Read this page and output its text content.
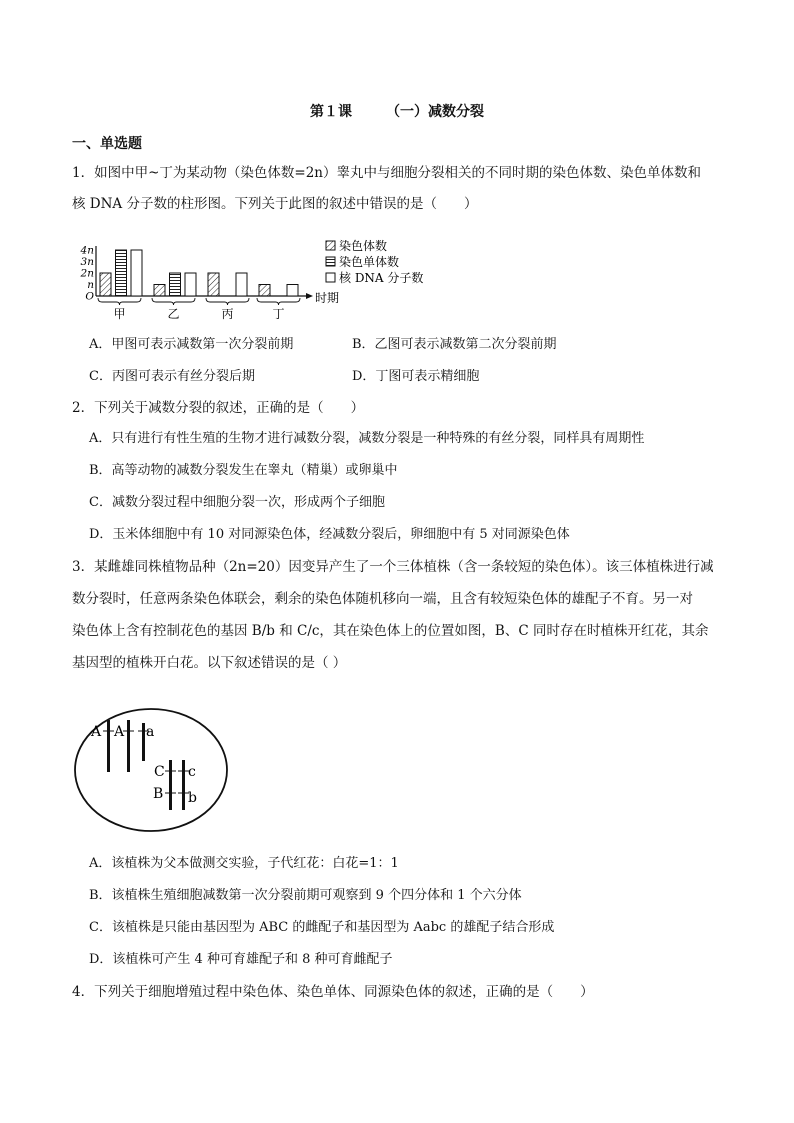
第１课 （一）减数分裂
一、单选题
1．如图中甲~丁为某动物（染色体数=2n）睾丸中与细胞分裂相关的不同时期的染色体数、染色单体数和
核 DNA 分子数的柱形图。下列关于此图的叙述中错误的是（　　）
O
n
2n
3n
4n
甲	乙	丙	丁
时期
染色体数
染色单体数
核 DNA 分子数
A．甲图可表示减数第一次分裂前期	B．乙图可表示减数第二次分裂前期
C．丙图可表示有丝分裂后期	D．丁图可表示精细胞
2．下列关于减数分裂的叙述，正确的是（　　）
A．只有进行有性生殖的生物才进行减数分裂，减数分裂是一种特殊的有丝分裂，同样具有周期性
B．高等动物的减数分裂发生在睾丸（精巢）或卵巢中
C．减数分裂过程中细胞分裂一次，形成两个子细胞
D．玉米体细胞中有 10 对同源染色体，经减数分裂后，卵细胞中有 5 对同源染色体
3．某雌雄同株植物品种（2n=20）因变异产生了一个三体植株（含一条较短的染色体）。该三体植株进行减
数分裂时，任意两条染色体联会，剩余的染色体随机移向一端，且含有较短染色体的雄配子不育。另一对
染色体上含有控制花色的基因 B/b 和 C/c，其在染色体上的位置如图，B、C 同时存在时植株开红花，其余
基因型的植株开白花。以下叙述错误的是（ ）
A A a
C c
B b
A．该植株为父本做测交实验，子代红花：白花=1：1
B．该植株生殖细胞减数第一次分裂前期可观察到 9 个四分体和 1 个六分体
C．该植株是只能由基因型为 ABC 的雌配子和基因型为 Aabc 的雄配子结合形成
D．该植株可产生 4 种可育雄配子和 8 种可育雌配子
4．下列关于细胞增殖过程中染色体、染色单体、同源染色体的叙述，正确的是（　　）
